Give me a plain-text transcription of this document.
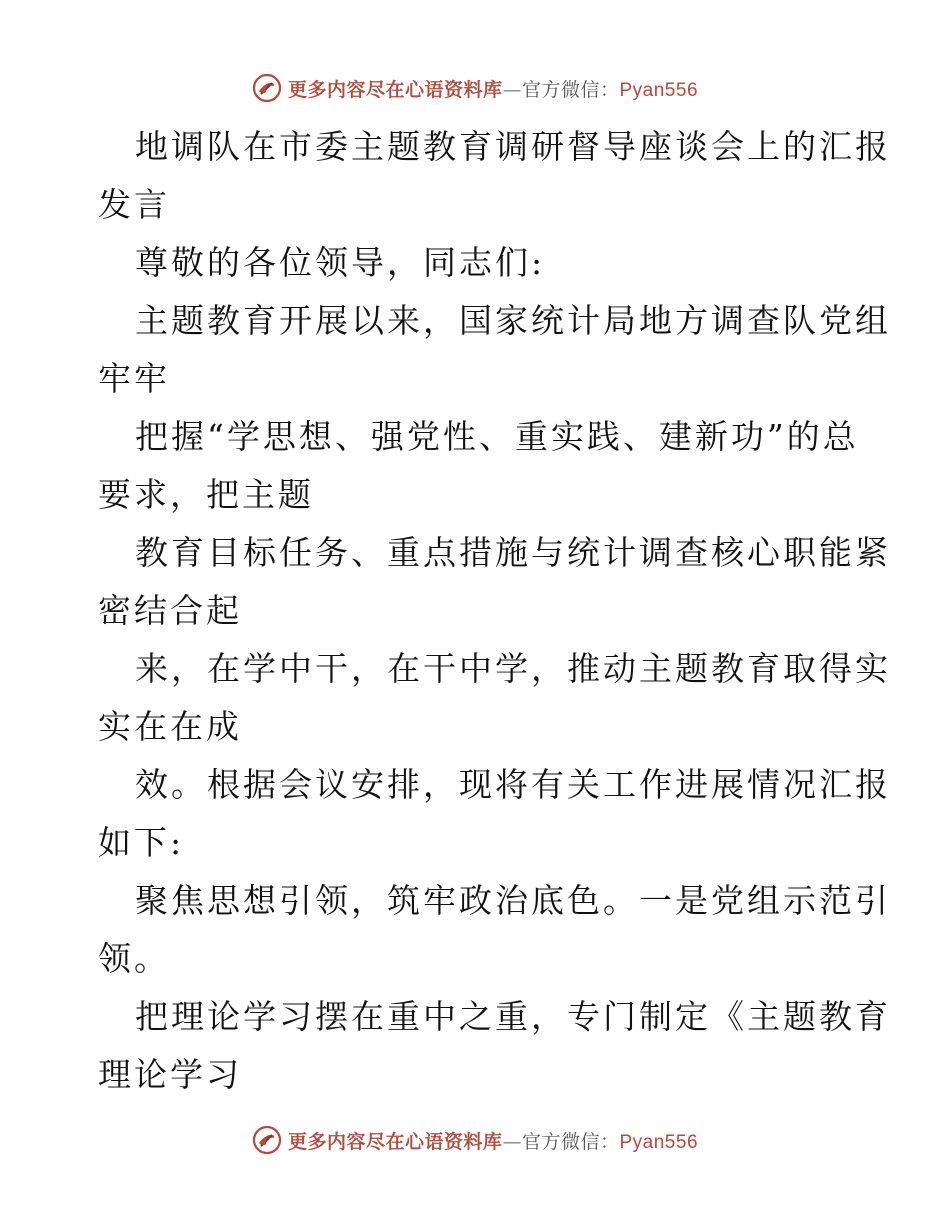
更多内容尽在心语资料库—官方微信：Pyan556
地调队在市委主题教育调研督导座谈会上的汇报
发言
尊敬的各位领导，同志们:
主题教育开展以来，国家统计局地方调查队党组
牢牢
把握“学思想、强党性、重实践、建新功”的总
要求，把主题
教育目标任务、重点措施与统计调查核心职能紧
密结合起
来，在学中干，在干中学，推动主题教育取得实
实在在成
效。根据会议安排，现将有关工作进展情况汇报
如下:
聚焦思想引领，筑牢政治底色。一是党组示范引
领。
把理论学习摆在重中之重，专门制定《主题教育
理论学习
更多内容尽在心语资料库—官方微信：Pyan556
